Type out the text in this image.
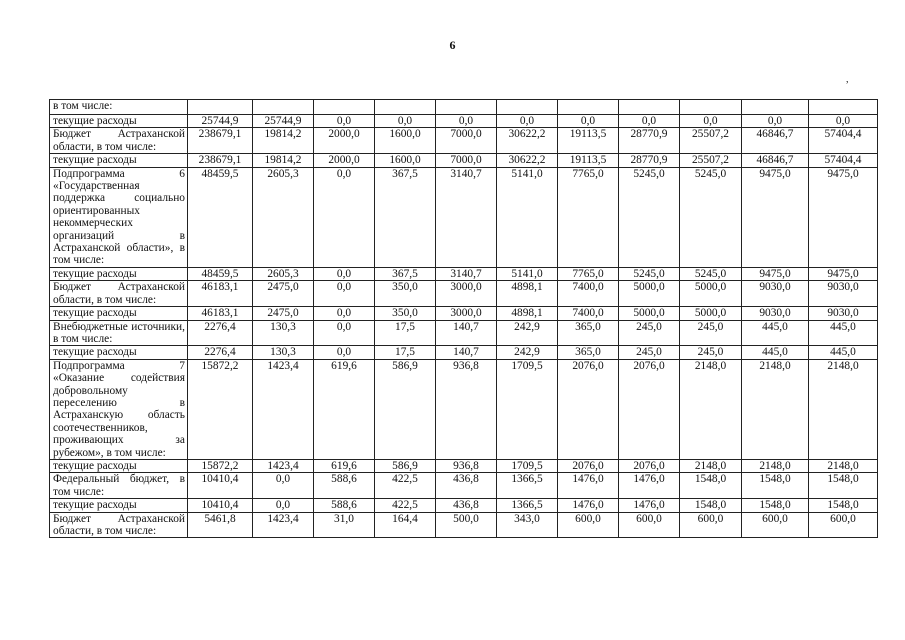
6
,
в том числе:											
текущие расходы	25744,9	25744,9	0,0	0,0	0,0	0,0	0,0	0,0	0,0	0,0	0,0
Бюджет Астраханской области, в том числе:	238679,1	19814,2	2000,0	1600,0	7000,0	30622,2	19113,5	28770,9	25507,2	46846,7	57404,4
текущие расходы	238679,1	19814,2	2000,0	1600,0	7000,0	30622,2	19113,5	28770,9	25507,2	46846,7	57404,4
Подпрограмма 6 «Государственная поддержка социально ориентированных некоммерческих организаций в Астраханской области», в том числе:	48459,5	2605,3	0,0	367,5	3140,7	5141,0	7765,0	5245,0	5245,0	9475,0	9475,0
текущие расходы	48459,5	2605,3	0,0	367,5	3140,7	5141,0	7765,0	5245,0	5245,0	9475,0	9475,0
Бюджет Астраханской области, в том числе:	46183,1	2475,0	0,0	350,0	3000,0	4898,1	7400,0	5000,0	5000,0	9030,0	9030,0
текущие расходы	46183,1	2475,0	0,0	350,0	3000,0	4898,1	7400,0	5000,0	5000,0	9030,0	9030,0
Внебюджетные источники, в том числе:	2276,4	130,3	0,0	17,5	140,7	242,9	365,0	245,0	245,0	445,0	445,0
текущие расходы	2276,4	130,3	0,0	17,5	140,7	242,9	365,0	245,0	245,0	445,0	445,0
Подпрограмма 7 «Оказание содействия добровольному переселению в Астраханскую область соотечественников, проживающих за рубежом», в том числе:	15872,2	1423,4	619,6	586,9	936,8	1709,5	2076,0	2076,0	2148,0	2148,0	2148,0
текущие расходы	15872,2	1423,4	619,6	586,9	936,8	1709,5	2076,0	2076,0	2148,0	2148,0	2148,0
Федеральный бюджет, в том числе:	10410,4	0,0	588,6	422,5	436,8	1366,5	1476,0	1476,0	1548,0	1548,0	1548,0
текущие расходы	10410,4	0,0	588,6	422,5	436,8	1366,5	1476,0	1476,0	1548,0	1548,0	1548,0
Бюджет Астраханской области, в том числе:	5461,8	1423,4	31,0	164,4	500,0	343,0	600,0	600,0	600,0	600,0	600,0
